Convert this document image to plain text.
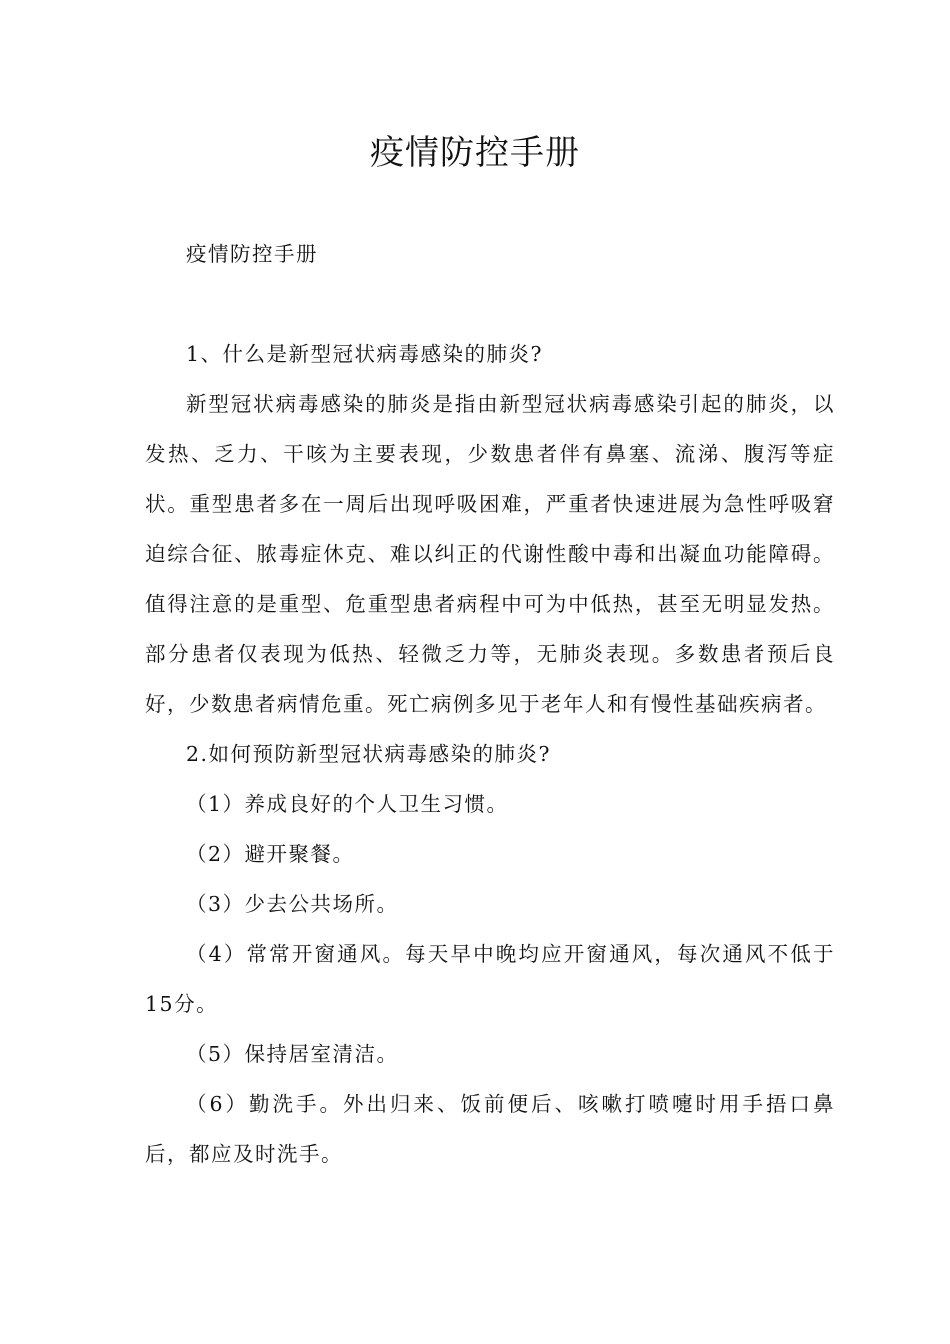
疫情防控手册

疫情防控手册

1、什么是新型冠状病毒感染的肺炎?

新型冠状病毒感染的肺炎是指由新型冠状病毒感染引起的肺炎，以发热、乏力、干咳为主要表现，少数患者伴有鼻塞、流涕、腹泻等症状。重型患者多在一周后出现呼吸困难，严重者快速进展为急性呼吸窘迫综合征、脓毒症休克、难以纠正的代谢性酸中毒和出凝血功能障碍。值得注意的是重型、危重型患者病程中可为中低热，甚至无明显发热。部分患者仅表现为低热、轻微乏力等，无肺炎表现。多数患者预后良好，少数患者病情危重。死亡病例多见于老年人和有慢性基础疾病者。

2.如何预防新型冠状病毒感染的肺炎?

（1）养成良好的个人卫生习惯。

（2）避开聚餐。

（3）少去公共场所。

（4）常常开窗通风。每天早中晚均应开窗通风，每次通风不低于15分。

（5）保持居室清洁。

（6）勤洗手。外出归来、饭前便后、咳嗽打喷嚏时用手捂口鼻后，都应及时洗手。
